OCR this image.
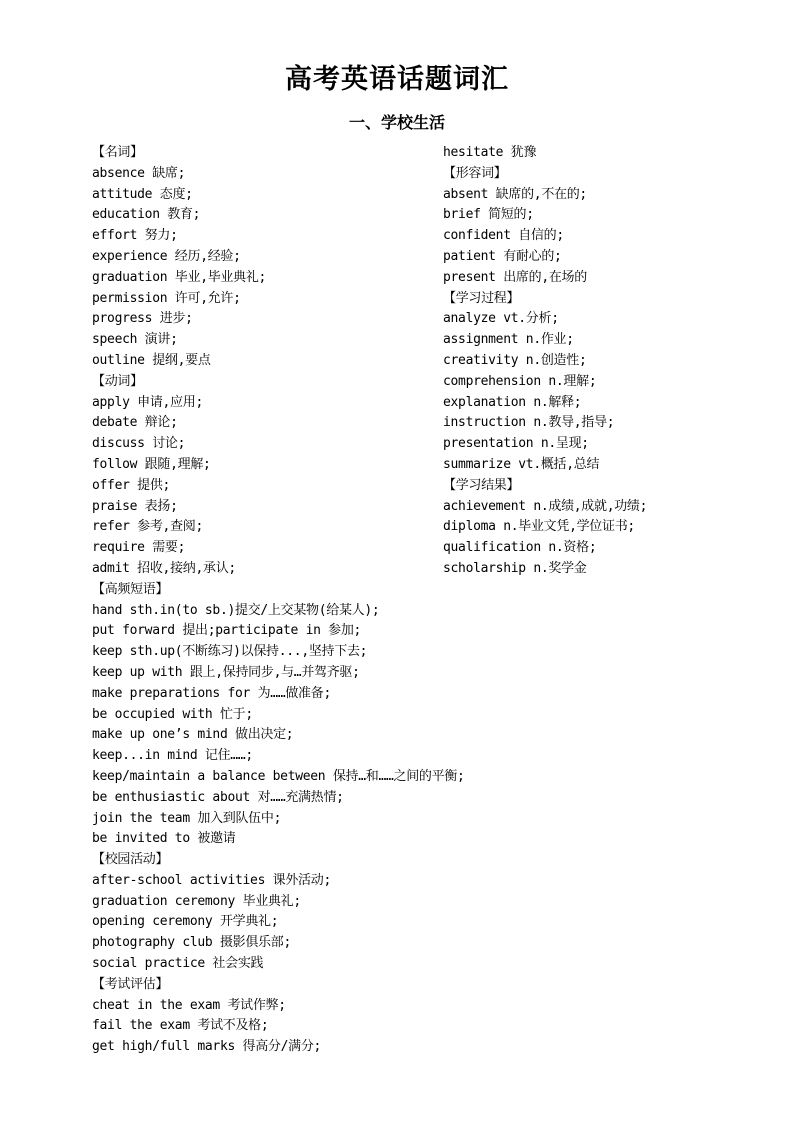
高考英语话题词汇
一、学校生活
【名词】
absence 缺席;
attitude 态度;
education 教育;
effort 努力;
experience 经历,经验;
graduation 毕业,毕业典礼;
permission 许可,允许;
progress 进步;
speech 演讲;
outline 提纲,要点
【动词】
apply 申请,应用;
debate 辩论;
discuss 讨论;
follow 跟随,理解;
offer 提供;
praise 表扬;
refer 参考,查阅;
require 需要;
admit 招收,接纳,承认;
【高频短语】
hand sth.in(to sb.)提交/上交某物(给某人);
put forward 提出;participate in 参加;
keep sth.up(不断练习)以保持...,坚持下去;
keep up with 跟上,保持同步,与…并驾齐驱;
make preparations for 为……做准备;
be occupied with 忙于;
make up one’s mind 做出决定;
keep...in mind 记住……;
keep/maintain a balance between 保持…和……之间的平衡;
be enthusiastic about 对……充满热情;
join the team 加入到队伍中;
be invited to 被邀请
【校园活动】
after-school activities 课外活动;
graduation ceremony 毕业典礼;
opening ceremony 开学典礼;
photography club 摄影俱乐部;
social practice 社会实践
【考试评估】
cheat in the exam 考试作弊;
fail the exam 考试不及格;
get high/full marks 得高分/满分;
hesitate 犹豫
【形容词】
absent 缺席的,不在的;
brief 简短的;
confident 自信的;
patient 有耐心的;
present 出席的,在场的
【学习过程】
analyze vt.分析;
assignment n.作业;
creativity n.创造性;
comprehension n.理解;
explanation n.解释;
instruction n.教导,指导;
presentation n.呈现;
summarize vt.概括,总结
【学习结果】
achievement n.成绩,成就,功绩;
diploma n.毕业文凭,学位证书;
qualification n.资格;
scholarship n.奖学金
